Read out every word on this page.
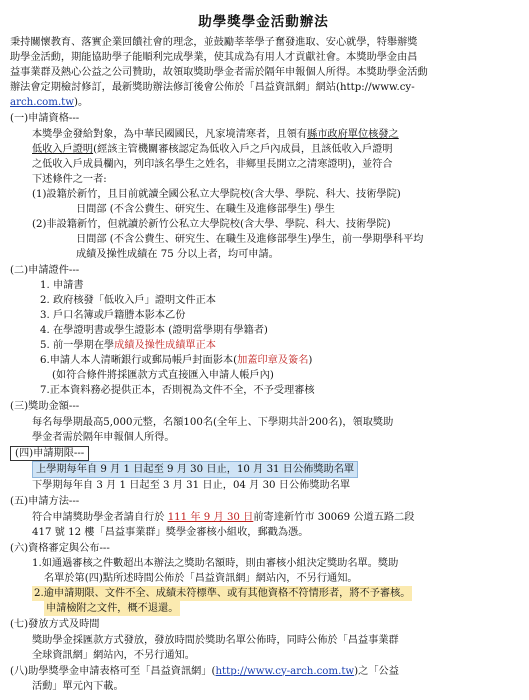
助學獎學金活動辦法
秉持關懷教育、落實企業回饋社會的理念，並鼓勵莘莘學子奮發進取、安心就學，特舉辦獎
助學金活動，期能協助學子能順利完成學業，使其成為有用人才貢獻社會。本獎助學金由昌
益事業群及熱心公益之公司贊助，故領取獎助學金者需於隔年申報個人所得。本獎助學金活動
辦法會定期檢討修訂，最新獎助辦法修訂後會公佈於「昌益資訊網」網站(http://www.cy-
arch.com.tw)。
(一)申請資格---
本獎學金發給對象，為中華民國國民，凡家境清寒者，且領有縣市政府單位核發之
低收入戶證明(經該主管機關審核認定為低收入戶之戶內成員，且該低收入戶證明
之低收入戶成員欄內，列印該名學生之姓名，非鄉里長開立之清寒證明)，並符合
下述條件之一者:
(1)設籍於新竹，且目前就讀全國公私立大學院校(含大學、學院、科大、技術學院)
日間部 (不含公費生、研究生、在職生及進修部學生) 學生
(2)非設籍新竹，但就讀於新竹公私立大學院校(含大學、學院、科大、技術學院)
日間部 (不含公費生、研究生、在職生及進修部學生)學生，前一學期學科平均
成績及操性成績在 75 分以上者，均可申請。
(二)申請證件---
1. 申請書
2. 政府核發「低收入戶」證明文件正本
3. 戶口名簿或戶籍謄本影本乙份
4. 在學證明書或學生證影本 (證明當學期有學籍者)
5. 前一學期在學成績及操性成績單正本
6.申請人本人清晰銀行或郵局帳戶封面影本(加蓋印章及簽名)
(如符合條件將採匯款方式直接匯入申請人帳戶內)
7.正本資料務必提供正本，否則視為文件不全，不予受理審核
(三)獎助金額---
每名每學期最高5,000元整，名額100名(全年上、下學期共計200名)，領取獎助
學金者需於隔年申報個人所得。
(四)申請期限---
上學期每年自 9 月 1 日起至 9 月 30 日止，10 月 31 日公佈獎助名單
下學期每年自 3 月 1 日起至 3 月 31 日止，04 月 30 日公佈獎助名單
(五)申請方法---
符合申請獎助學金者請自行於 111 年 9 月 30 日前寄達新竹市 30069 公道五路二段
417 號 12 樓「昌益事業群」獎學金審核小組收，郵戳為憑。
(六)資格審定與公布---
1.如通過審核之件數超出本辦法之獎助名額時，則由審核小組決定獎助名單。獎助
名單於第(四)點所述時間公佈於「昌益資訊網」網站內，不另行通知。
2.逾申請期限、文件不全、成績未符標準、或有其他資格不符情形者，將不予審核。
申請檢附之文件，概不退還。
(七)發放方式及時間
獎助學金採匯款方式發放，發放時間於獎助名單公佈時，同時公佈於「昌益事業群
全球資訊網」網站內，不另行通知。
(八)助學獎學金申請表格可至「昌益資訊網」(http://www.cy-arch.com.tw)之「公益
活動」單元內下載。
